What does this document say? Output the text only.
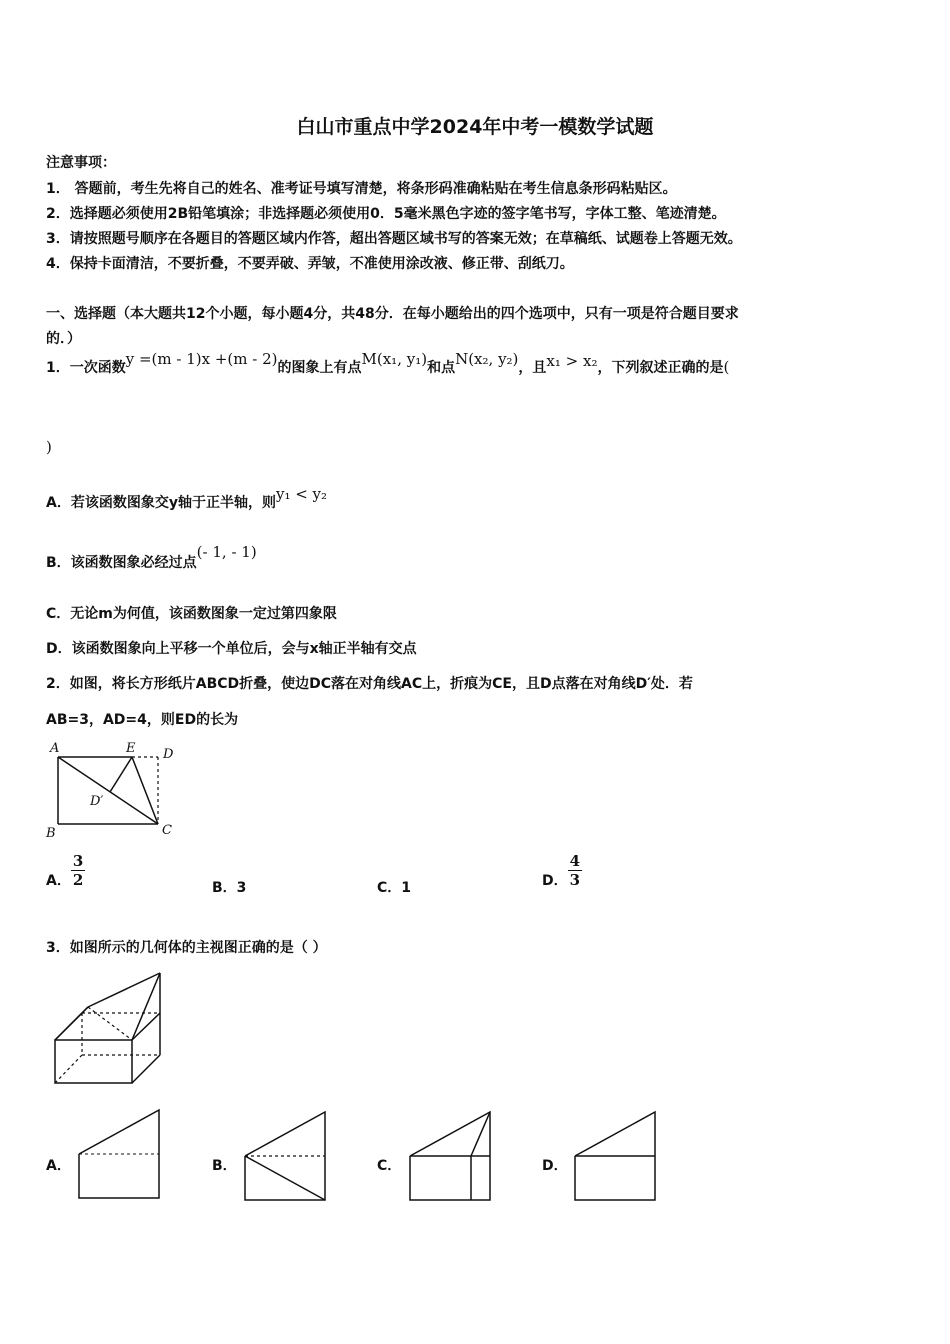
白山市重点中学2024年中考一模数学试题
注意事项：
1． 答题前，考生先将自己的姓名、准考证号填写清楚，将条形码准确粘贴在考生信息条形码粘贴区。
2．选择题必须使用2B铅笔填涂；非选择题必须使用0．5毫米黑色字迹的签字笔书写，字体工整、笔迹清楚。
3．请按照题号顺序在各题目的答题区域内作答，超出答题区域书写的答案无效；在草稿纸、试题卷上答题无效。
4．保持卡面清洁，不要折叠，不要弄破、弄皱，不准使用涂改液、修正带、刮纸刀。
一、选择题（本大题共12个小题，每小题4分，共48分．在每小题给出的四个选项中，只有一项是符合题目要求
的．）
1．一次函数y =(m - 1)x +(m - 2)的图象上有点M(x₁, y₁)和点N(x₂, y₂)，且x₁ > x₂，下列叙述正确的是(
)
A．若该函数图象交y轴于正半轴，则y₁ < y₂
B．该函数图象必经过点(- 1, - 1)
C．无论m为何值，该函数图象一定过第四象限
D．该函数图象向上平移一个单位后，会与x轴正半轴有交点
2．如图，将长方形纸片ABCD折叠，使边DC落在对角线AC上，折痕为CE，且D点落在对角线D′处．若
AB=3，AD=4，则ED的长为
A	E D
D′
B	C
A． $\frac{3}{2}$	B．3	C．1	D． $\frac{4}{3}$
3．如图所示的几何体的主视图正确的是（ ）
A．	B．	C．	D．
